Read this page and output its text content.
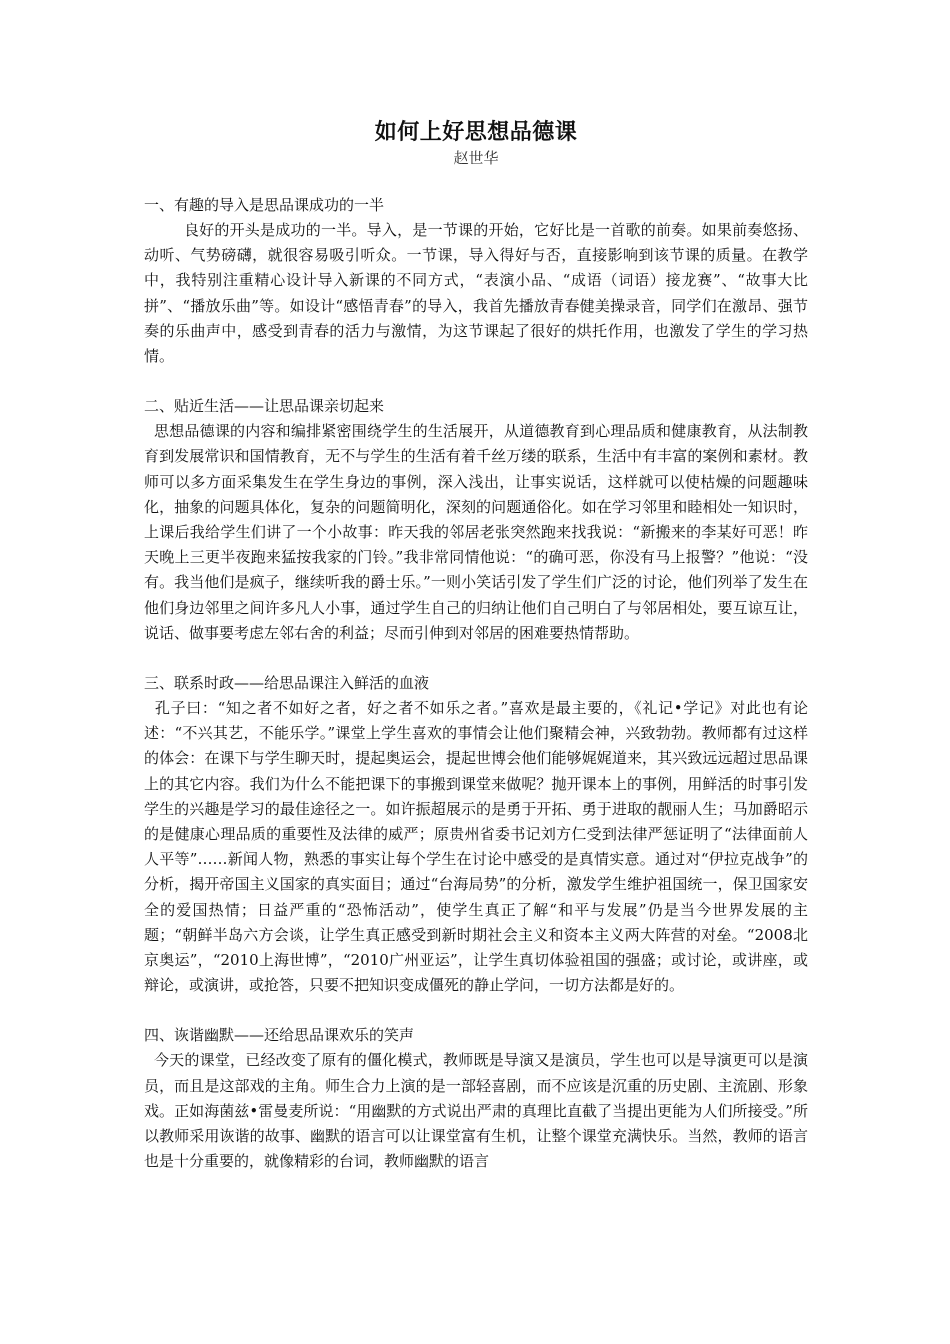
如何上好思想品德课
赵世华
一、有趣的导入是思品课成功的一半

良好的开头是成功的一半。导入，是一节课的开始，它好比是一首歌的前奏。如果前奏悠扬、动听、气势磅礴，就很容易吸引听众。一节课，导入得好与否，直接影响到该节课的质量。在教学中，我特别注重精心设计导入新课的不同方式，“表演小品、“成语（词语）接龙赛”、“故事大比拼”、“播放乐曲”等。如设计“感悟青春”的导入，我首先播放青春健美操录音，同学们在激昂、强节奏的乐曲声中，感受到青春的活力与激情，为这节课起了很好的烘托作用，也激发了学生的学习热情。

二、贴近生活——让思品课亲切起来

思想品德课的内容和编排紧密围绕学生的生活展开，从道德教育到心理品质和健康教育，从法制教育到发展常识和国情教育，无不与学生的生活有着千丝万缕的联系，生活中有丰富的案例和素材。教师可以多方面采集发生在学生身边的事例，深入浅出，让事实说话，这样就可以使枯燥的问题趣味化，抽象的问题具体化，复杂的问题简明化，深刻的问题通俗化。如在学习邻里和睦相处一知识时，上课后我给学生们讲了一个小故事：昨天我的邻居老张突然跑来找我说：“新搬来的李某好可恶！昨天晚上三更半夜跑来猛按我家的门铃。”我非常同情他说：“的确可恶，你没有马上报警？”他说：“没有。我当他们是疯子，继续听我的爵士乐。”一则小笑话引发了学生们广泛的讨论，他们列举了发生在他们身边邻里之间许多凡人小事，通过学生自己的归纳让他们自己明白了与邻居相处，要互谅互让，说话、做事要考虑左邻右舍的利益；尽而引伸到对邻居的困难要热情帮助。

三、联系时政——给思品课注入鲜活的血液

孔子曰：“知之者不如好之者，好之者不如乐之者。”喜欢是最主要的，《礼记•学记》对此也有论述：“不兴其艺，不能乐学。”课堂上学生喜欢的事情会让他们聚精会神，兴致勃勃。教师都有过这样的体会：在课下与学生聊天时，提起奥运会，提起世博会他们能够娓娓道来，其兴致远远超过思品课上的其它内容。我们为什么不能把课下的事搬到课堂来做呢？抛开课本上的事例，用鲜活的时事引发学生的兴趣是学习的最佳途径之一。如许振超展示的是勇于开拓、勇于进取的靓丽人生；马加爵昭示的是健康心理品质的重要性及法律的威严；原贵州省委书记刘方仁受到法律严惩证明了“法律面前人人平等”……新闻人物，熟悉的事实让每个学生在讨论中感受的是真情实意。通过对“伊拉克战争”的分析，揭开帝国主义国家的真实面目；通过“台海局势”的分析，激发学生维护祖国统一，保卫国家安全的爱国热情；日益严重的“恐怖活动”，使学生真正了解“和平与发展”仍是当今世界发展的主题；“朝鲜半岛六方会谈，让学生真正感受到新时期社会主义和资本主义两大阵营的对垒。“2008北京奥运”，“2010上海世博”，“2010广州亚运”，让学生真切体验祖国的强盛；或讨论，或讲座，或辩论，或演讲，或抢答，只要不把知识变成僵死的静止学问，一切方法都是好的。

四、诙谐幽默——还给思品课欢乐的笑声

今天的课堂，已经改变了原有的僵化模式，教师既是导演又是演员，学生也可以是导演更可以是演员，而且是这部戏的主角。师生合力上演的是一部轻喜剧，而不应该是沉重的历史剧、主流剧、形象戏。正如海菌兹•雷曼麦所说：“用幽默的方式说出严肃的真理比直截了当提出更能为人们所接受。”所以教师采用诙谐的故事、幽默的语言可以让课堂富有生机，让整个课堂充满快乐。当然，教师的语言也是十分重要的，就像精彩的台词，教师幽默的语言
